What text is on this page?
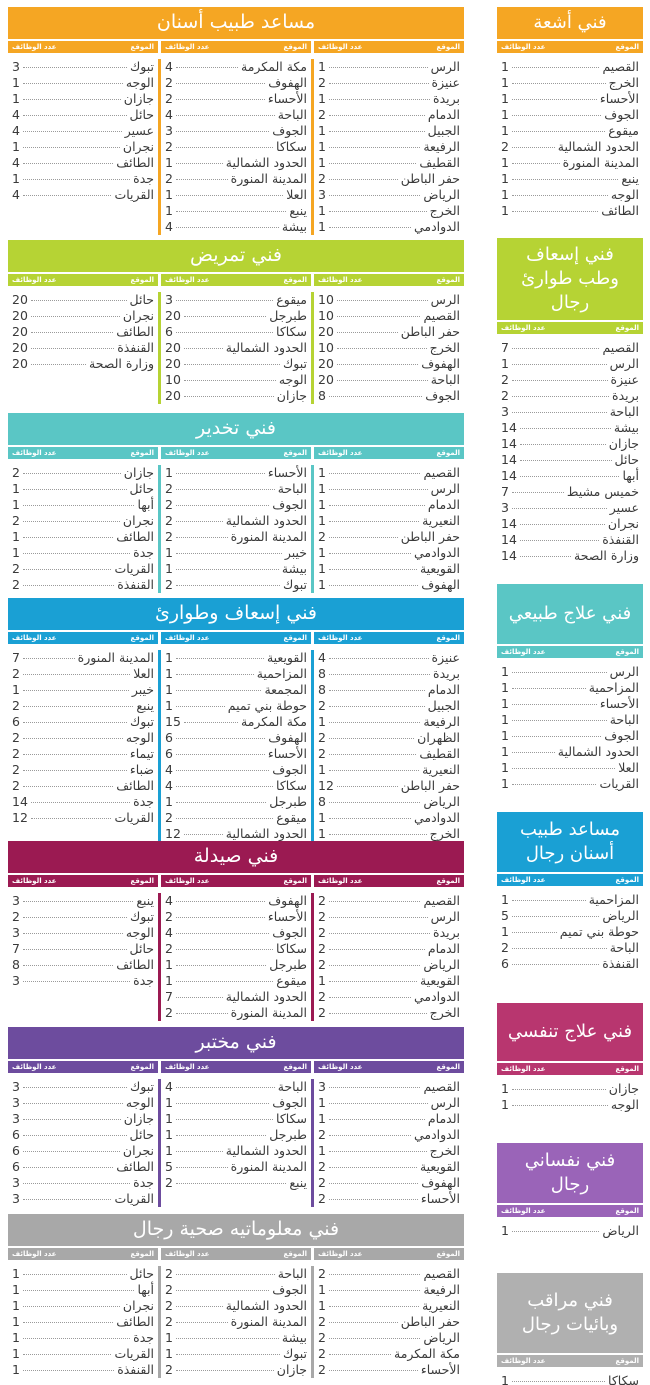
مساعد طبيب أسنان
الموقع
عدد الوظائف
الموقع
عدد الوظائف
الموقع
عدد الوظائف
الرس
1
عنيزة
2
بريدة
1
الدمام
2
الجبيل
1
الرفيعة
1
القطيف
1
حفر الباطن
2
الرياض
3
الخرج
1
الدوادمي
1
مكة المكرمة
4
الهفوف
2
الأحساء
2
الباحة
4
الجوف
3
سكاكا
2
الحدود الشمالية
1
المدينة المنورة
2
العلا
1
ينبع
1
بيشة
4
تبوك
3
الوجه
1
جازان
1
حائل
4
عسير
4
نجران
1
الطائف
4
جدة
1
القريات
4
فني تمريض
الموقع
عدد الوظائف
الموقع
عدد الوظائف
الموقع
عدد الوظائف
الرس
10
القصيم
10
حفر الباطن
20
الخرج
10
الهفوف
20
الباحة
20
الجوف
8
ميقوع
3
طبرجل
20
سكاكا
6
الحدود الشمالية
20
تبوك
20
الوجه
10
جازان
20
حائل
20
نجران
20
الطائف
20
القنفذة
20
وزارة الصحة
20
فني تخدير
الموقع
عدد الوظائف
الموقع
عدد الوظائف
الموقع
عدد الوظائف
القصيم
1
الرس
1
الدمام
1
النعيرية
1
حفر الباطن
2
الدوادمي
1
القويعية
1
الهفوف
1
الأحساء
1
الباحة
2
الجوف
2
الحدود الشمالية
2
المدينة المنورة
2
خيبر
1
بيشة
1
تبوك
2
جازان
2
حائل
1
أبها
1
نجران
2
الطائف
1
جدة
1
القريات
2
القنفذة
2
فني إسعاف وطوارئ
الموقع
عدد الوظائف
الموقع
عدد الوظائف
الموقع
عدد الوظائف
عنيزة
4
بريدة
8
الدمام
8
الجبيل
2
الرفيعة
1
الظهران
2
القطيف
2
النعيرية
1
حفر الباطن
12
الرياض
8
الدوادمي
1
الخرج
1
القويعية
1
المزاحمية
1
المجمعة
1
حوطة بني تميم
1
مكة المكرمة
15
الهفوف
6
الأحساء
6
الجوف
4
سكاكا
4
طبرجل
1
ميقوع
2
الحدود الشمالية
12
المدينة المنورة
7
العلا
2
خيبر
1
ينبع
2
تبوك
6
الوجه
2
تيماء
2
ضباء
2
الطائف
2
جدة
14
القريات
12
فني صيدلة
الموقع
عدد الوظائف
الموقع
عدد الوظائف
الموقع
عدد الوظائف
القصيم
2
الرس
2
بريدة
2
الدمام
2
الرياض
2
القويعية
1
الدوادمي
2
الخرج
2
الهفوف
4
الأحساء
2
الجوف
4
سكاكا
2
طبرجل
1
ميقوع
1
الحدود الشمالية
7
المدينة المنورة
2
ينبع
3
تبوك
2
الوجه
3
حائل
7
الطائف
8
جدة
3
فني مختبر
الموقع
عدد الوظائف
الموقع
عدد الوظائف
الموقع
عدد الوظائف
القصيم
3
الرس
1
الدمام
1
الدوادمي
2
الخرج
1
القويعية
2
الهفوف
2
الأحساء
2
الباحة
4
الجوف
1
سكاكا
1
طبرجل
1
الحدود الشمالية
1
المدينة المنورة
5
ينبع
2
تبوك
3
الوجه
3
جازان
3
حائل
6
نجران
6
الطائف
6
جدة
3
القريات
3
فني معلوماتيه صحية رجال
الموقع
عدد الوظائف
الموقع
عدد الوظائف
الموقع
عدد الوظائف
القصيم
2
الرفيعة
1
النعيرية
1
حفر الباطن
2
الرياض
2
مكة المكرمة
2
الأحساء
2
الباحة
2
الجوف
2
الحدود الشمالية
2
المدينة المنورة
2
بيشة
1
تبوك
1
جازان
2
حائل
1
أبها
1
نجران
1
الطائف
1
جدة
1
القريات
1
القنفذة
1
فني أشعة
الموقع
عدد الوظائف
القصيم
1
الخرج
1
الأحساء
1
الجوف
1
ميقوع
1
الحدود الشمالية
2
المدينة المنورة
1
ينبع
1
الوجه
1
الطائف
1
فني إسعاف وطب طوارئ رجال
الموقع
عدد الوظائف
القصيم
7
الرس
1
عنيزة
2
بريدة
2
الباحة
3
بيشة
14
جازان
14
حائل
14
أبها
14
خميس مشيط
7
عسير
3
نجران
14
القنفذة
14
وزارة الصحة
14
فني علاج طبيعي
الموقع
عدد الوظائف
الرس
1
المزاحمية
1
الأحساء
1
الباحة
1
الجوف
1
الحدود الشمالية
1
العلا
1
القريات
1
مساعد طبيب أسنان رجال
الموقع
عدد الوظائف
المزاحمية
1
الرياض
5
حوطة بني تميم
1
الباحة
2
القنفذة
6
فني علاج تنفسي
الموقع
عدد الوظائف
جازان
1
الوجه
1
فني نفساني رجال
الموقع
عدد الوظائف
الرياض
1
فني مراقب وبائيات رجال
الموقع
عدد الوظائف
سكاكا
1
